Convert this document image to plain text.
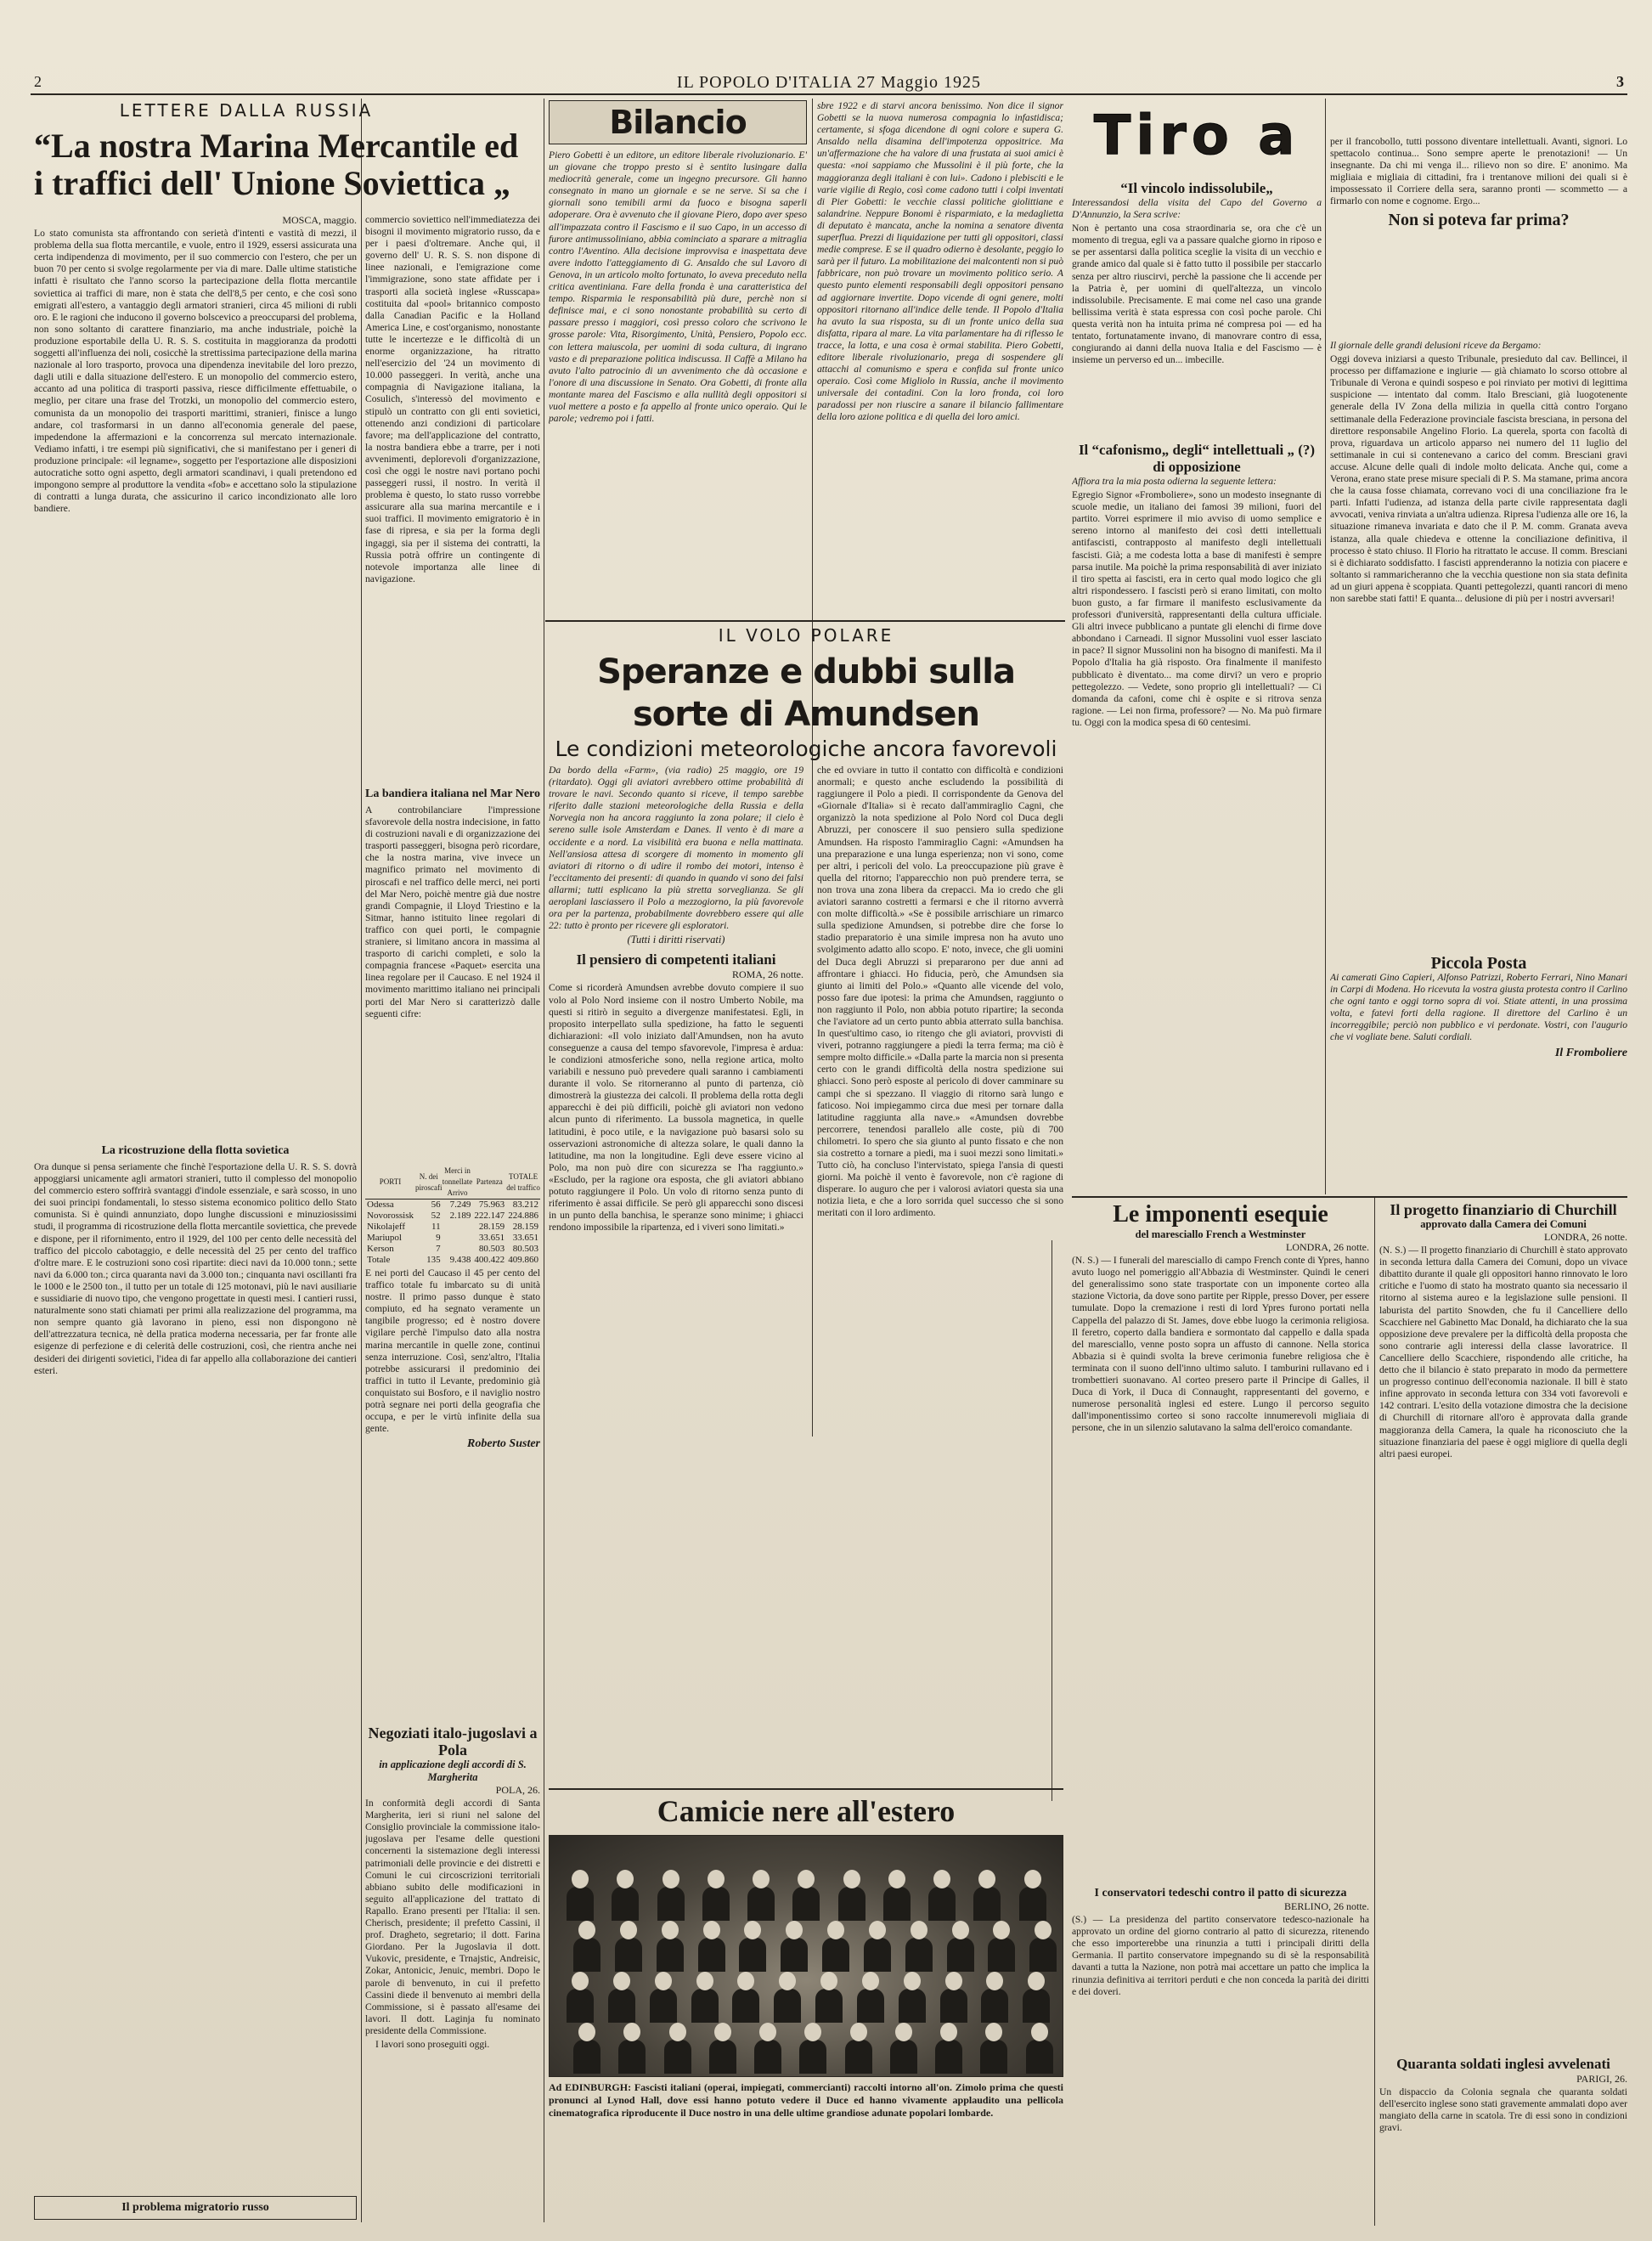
2	IL POPOLO D'ITALIA 27 Maggio 1925	3
LETTERE DALLA RUSSIA
“La nostra Marina Mercantile ed
i traffici dell' Unione Soviettica „
MOSCA, maggio.

Lo stato comunista sta affrontando con serietà d'intenti e vastità di mezzi, il problema della sua flotta mercantile, e vuole, entro il 1929, essersi assicurata una certa indipendenza di movimento, per il suo commercio con l'estero, che per un buon 70 per cento si svolge regolarmente per via di mare. Dalle ultime statistiche infatti è risultato che l'anno scorso la partecipazione della flotta mercantile soviettica ai traffici di mare, non è stata che dell'8,5 per cento, e che così sono emigrati all'estero, a vantaggio degli armatori stranieri, circa 45 milioni di rubli oro. E le ragioni che inducono il governo bolscevico a preoccuparsi del problema, non sono soltanto di carattere finanziario, ma anche industriale, poichè la produzione esportabile della U. R. S. S. costituita in maggioranza da prodotti soggetti all'influenza dei noli, cosicchè la strettissima partecipazione della marina nazionale al loro trasporto, provoca una dipendenza inevitabile del loro prezzo, dagli utili e dalla situazione dell'estero. E un monopolio del commercio estero, accanto ad una politica di trasporti passiva, riesce difficilmente effettuabile, o meglio, per citare una frase del Trotzki, un monopolio del commercio estero, comunista da un monopolio dei trasporti marittimi, stranieri, finisce a lungo andare, col trasformarsi in un danno all'economia generale del paese, impedendone la affermazioni e la concorrenza sul mercato internazionale. Vediamo infatti, i tre esempi più significativi, che si manifestano per i generi di produzione principale: «il legname», soggetto per l'esportazione alle disposizioni autocratiche sotto ogni aspetto, degli armatori scandinavi, i quali pretendono ed impongono sempre al produttore la vendita «fob» e accettano solo la stipulazione di contratti a lunga durata, che assicurino il carico incondizionato alle loro bandiere.

La ricostruzione della flotta sovietica

Ora dunque si pensa seriamente che finchè l'esportazione della U. R. S. S. dovrà appoggiarsi unicamente agli armatori stranieri, tutto il complesso del monopolio del commercio estero soffrirà svantaggi d'indole essenziale, e sarà scosso, in uno dei suoi principi fondamentali, lo stesso sistema economico politico dello Stato comunista. Si è quindi annunziato, dopo lunghe discussioni e minuziosissimi studi, il programma di ricostruzione della flotta mercantile soviettica, che prevede e dispone, per il rifornimento, entro il 1929, del 100 per cento delle necessità del traffico del piccolo cabotaggio, e delle necessità del 25 per cento del traffico d'oltre mare. E le costruzioni sono così ripartite: dieci navi da 10.000 tonn.; sette navi da 6.000 ton.; circa quaranta navi da 3.000 ton.; cinquanta navi oscillanti fra le 1000 e le 2500 ton., il tutto per un totale di 125 motonavi, più le navi ausiliarie e sussidiarie di nuovo tipo, che vengono progettate in questi mesi. I cantieri russi, naturalmente sono stati chiamati per primi alla realizzazione del programma, ma non sempre quanto già lavorano in pieno, essi non dispongono nè dell'attrezzatura tecnica, nè della pratica moderna necessaria, per far fronte alle esigenze di perfezione e di celerità delle costruzioni, così, che rientra anche nei desideri dei dirigenti sovietici, l'idea di far appello alla collaborazione dei cantieri esteri.

Il problema migratorio russo

commercio soviettico nell'immediatezza dei bisogni il movimento migratorio russo, da e per i paesi d'oltremare. Anche qui, il governo dell' U. R. S. S. non dispone di linee nazionali, e l'emigrazione come l'immigrazione, sono state affidate per i trasporti alla società inglese «Russcapa» costituita dal «pool» britannico composto dalla Canadian Pacific e la Holland America Line, e cost'organismo, nonostante tutte le incertezze e le difficoltà di un enorme organizzazione, ha ritratto nell'esercizio del '24 un movimento di 10.000 passeggeri. In verità, anche una compagnia di Navigazione italiana, la Cosulich, s'interessò del movimento e stipulò un contratto con gli enti sovietici, ottenendo anzi condizioni di particolare favore; ma dell'applicazione del contratto, la nostra bandiera ebbe a trarre, per i noti avvenimenti, deplorevoli d'organizzazione, così che oggi le nostre navi portano pochi passeggeri russi, il nostro. In verità il problema è questo, lo stato russo vorrebbe assicurare alla sua marina mercantile e i suoi traffici. Il movimento emigratorio è in fase di ripresa, e sia per la forma degli ingaggi, sia per il sistema dei contratti, la Russia potrà offrire un contingente di notevole importanza alle linee di navigazione.

La bandiera italiana nel Mar Nero

A controbilanciare l'impressione sfavorevole della nostra indecisione, in fatto di costruzioni navali e di organizzazione dei trasporti passeggeri, bisogna però ricordare, che la nostra marina, vive invece un magnifico primato nel movimento di piroscafi e nel traffico delle merci, nei porti del Mar Nero, poichè mentre già due nostre grandi Compagnie, il Lloyd Triestino e la Sitmar, hanno istituito linee regolari di traffico con quei porti, le compagnie straniere, si limitano ancora in massima al trasporto di carichi completi, e solo la compagnia francese «Paquet» esercita una linea regolare per il Caucaso. E nel 1924 il movimento marittimo italiano nei principali porti del Mar Nero si caratterizzò dalle seguenti cifre:

PORTI	N. dei piroscafi	Merci in tonnellate Arrivo	Partenza	TOTALE del traffico
Odessa	56	7.249	75.963	83.212
Novorossisk	52	2.189	222.147	224.886
Nikolajeff	11		28.159	28.159
Mariupol	9		33.651	33.651
Kerson	7		80.503	80.503
Totale	135	9.438	400.422	409.860

E nei porti del Caucaso il 45 per cento del traffico totale fu imbarcato su di unità nostre. Il primo passo dunque è stato compiuto, ed ha segnato veramente un tangibile progresso; ed è nostro dovere vigilare perchè l'impulso dato alla nostra marina mercantile in quelle zone, continui senza interruzione. Così, senz'altro, l'Italia potrebbe assicurarsi il predominio dei traffici in tutto il Levante, predominio già conquistato sui Bosforo, e il naviglio nostro potrà segnare nei porti della geografia che occupa, e per le virtù infinite della sua gente.

Roberto Suster
Negoziati italo-jugoslavi a Pola
in applicazione degli accordi di S. Margherita
POLA, 26.

In conformità degli accordi di Santa Margherita, ieri si riuni nel salone del Consiglio provinciale la commissione italo-jugoslava per l'esame delle questioni concernenti la sistemazione degli interessi patrimoniali delle provincie e dei distretti e Comuni le cui circoscrizioni territoriali abbiano subito delle modificazioni in seguito all'applicazione del trattato di Rapallo. Erano presenti per l'Italia: il sen. Cherisch, presidente; il prefetto Cassini, il prof. Dragheto, segretario; il dott. Farina Giordano. Per la Jugoslavia il dott. Vukovic, presidente, e Trnajstic, Andreisic, Zokar, Antonicic, Jenuic, membri. Dopo le parole di benvenuto, in cui il prefetto Cassini diede il benvenuto ai membri della Commissione, si è passato all'esame dei lavori. Il dott. Laginja fu nominato presidente della Commissione.

I lavori sono proseguiti oggi.

Bilancio

Piero Gobetti è un editore, un editore liberale rivoluzionario. E' un giovane che troppo presto si è sentito lusingare dalla mediocrità generale, come un ingegno precursore. Gli hanno consegnato in mano un giornale e se ne serve. Si sa che i giornali sono temibili armi da fuoco e bisogna saperli adoperare. Ora è avvenuto che il giovane Piero, dopo aver speso all'impazzata contro il Fascismo e il suo Capo, in un accesso di furore antimussoliniano, abbia cominciato a sparare a mitraglia contro l'Aventino. Alla decisione improvvisa e inaspettata deve avere indotto l'atteggiamento di G. Ansaldo che sul Lavoro di Genova, in un articolo molto fortunato, lo aveva preceduto nella critica aventiniana. Fare della fronda è una caratteristica del tempo. Risparmia le responsabilità più dure, perchè non si definisce mai, e ci sono nonostante probabilità su certo di passare presso i maggiori, così presso coloro che scrivono le grosse parole: Vita, Risorgimento, Unità, Pensiero, Popolo ecc. con lettera maiuscola, per uomini di soda cultura, di ingrano vasto e di preparazione politica indiscussa. Il Caffè a Milano ha avuto l'alto patrocinio di un avvenimento che dà occasione e l'onore di una discussione in Senato. Ora Gobetti, di fronte alla montante marea del Fascismo e alla nullità degli oppositori si vuol mettere a posto e fa appello al fronte unico operaio. Qui le parole; vedremo poi i fatti.

sbre 1922 e di starvi ancora benissimo. Non dice il signor Gobetti se la nuova numerosa compagnia lo infastidisca; certamente, si sfoga dicendone di ogni colore e supera G. Ansaldo nella disamina dell'impotenza oppositrice. Ma un'affermazione che ha valore di una frustata ai suoi amici è questa: «noi sappiamo che Mussolini è il più forte, che la maggioranza degli italiani è con lui». Cadono i plebisciti e le varie vigilie di Regio, così come cadono tutti i colpi inventati di Pier Gobetti: le vecchie classi politiche giolittiane e salandrine. Neppure Bonomi è risparmiato, e la medaglietta di deputato è mancata, anche la nomina a senatore diventa superflua. Prezzi di liquidazione per tutti gli oppositori, classi medie comprese. E se il quadro odierno è desolante, peggio lo sarà per il futuro. La mobilitazione dei malcontenti non si può fabbricare, non può trovare un movimento politico serio. A questo punto elementi responsabili degli oppositori pensano ad aggiornare invertite. Dopo vicende di ogni genere, molti oppositori ritornano all'indice delle tende. Il Popolo d'Italia ha avuto la sua risposta, su di un fronte unico della sua disfatta, ripara al mare. La vita parlamentare ha di riflesso le tracce, la lotta, e una cosa è ormai stabilita. Piero Gobetti, editore liberale rivoluzionario, prega di sospendere gli attacchi al comunismo e spera e confida sul fronte unico operaio. Così come Migliolo in Russia, anche il movimento universale dei contadini. Con la loro fronda, coi loro paradossi per non riuscire a sanare il bilancio fallimentare della loro azione politica e di quella dei loro amici.

IL VOLO POLARE
Speranze e dubbi sulla sorte di Amundsen
Le condizioni meteorologiche ancora favorevoli

Da bordo della «Farm», (via radio) 25 maggio, ore 19 (ritardato). Oggi gli aviatori avrebbero ottime probabilità di trovare le navi. Secondo quanto si riceve, il tempo sarebbe riferito dalle stazioni meteorologiche della Russia e della Norvegia non ha ancora raggiunto la zona polare; il cielo è sereno sulle isole Amsterdam e Danes. Il vento è di mare a occidente e a nord. La visibilità era buona e nella mattinata. Nell'ansiosa attesa di scorgere di momento in momento gli aviatori di ritorno o di udire il rombo dei motori, intenso è l'eccitamento dei presenti: di quando in quando vi sono dei falsi allarmi; tutti esplicano la più stretta sorveglianza. Se gli aeroplani lasciassero il Polo a mezzogiorno, la più favorevole ora per la partenza, probabilmente dovrebbero essere qui alle 22: tutto è pronto per ricevere gli esploratori.

(Tutti i diritti riservati)
Il pensiero di competenti italiani
ROMA, 26 notte.

Come si ricorderà Amundsen avrebbe dovuto compiere il suo volo al Polo Nord insieme con il nostro Umberto Nobile, ma questi si ritirò in seguito a divergenze manifestatesi. Egli, in proposito interpellato sulla spedizione, ha fatto le seguenti dichiarazioni: «Il volo iniziato dall'Amundsen, non ha avuto conseguenze a causa del tempo sfavorevole, l'impresa è ardua: le condizioni atmosferiche sono, nella regione artica, molto variabili e nessuno può prevedere quali saranno i cambiamenti durante il volo. Se ritorneranno al punto di partenza, ciò dimostrerà la giustezza dei calcoli. Il problema della rotta degli apparecchi è dei più difficili, poichè gli aviatori non vedono alcun punto di riferimento. La bussola magnetica, in quelle latitudini, è poco utile, e la navigazione può basarsi solo su osservazioni astronomiche di altezza solare, le quali danno la latitudine, ma non la longitudine. Egli deve essere vicino al Polo, ma non può dire con sicurezza se l'ha raggiunto.» «Escludo, per la ragione ora esposta, che gli aviatori abbiano potuto raggiungere il Polo. Un volo di ritorno senza punto di riferimento è assai difficile. Se però gli apparecchi sono discesi in un punto della banchisa, le speranze sono minime; i ghiacci rendono impossibile la ripartenza, ed i viveri sono limitati.»

che ed ovviare in tutto il contatto con difficoltà e condizioni anormali; e questo anche escludendo la possibilità di raggiungere il Polo a piedi. Il corrispondente da Genova del «Giornale d'Italia» si è recato dall'ammiraglio Cagni, che organizzò la nota spedizione al Polo Nord col Duca degli Abruzzi, per conoscere il suo pensiero sulla spedizione Amundsen. Ha risposto l'ammiraglio Cagni: «Amundsen ha una preparazione e una lunga esperienza; non vi sono, come per altri, i pericoli del volo. La preoccupazione più grave è quella del ritorno; l'apparecchio non può prendere terra, se non trova una zona libera da crepacci. Ma io credo che gli aviatori saranno costretti a fermarsi e che il ritorno avverrà con molte difficoltà.» «Se è possibile arrischiare un rimarco sulla spedizione Amundsen, si potrebbe dire che forse lo stadio preparatorio è una simile impresa non ha avuto uno svolgimento adatto allo scopo. E' noto, invece, che gli uomini del Duca degli Abruzzi si prepararono per due anni ad affrontare i ghiacci. Ho fiducia, però, che Amundsen sia giunto ai limiti del Polo.» «Quanto alle vicende del volo, posso fare due ipotesi: la prima che Amundsen, raggiunto o non raggiunto il Polo, non abbia potuto ripartire; la seconda che l'aviatore ad un certo punto abbia atterrato sulla banchisa. In quest'ultimo caso, io ritengo che gli aviatori, provvisti di viveri, potranno raggiungere a piedi la terra ferma; ma ciò è sempre molto difficile.» «Dalla parte la marcia non si presenta certo con le grandi difficoltà della nostra spedizione sui ghiacci. Sono però esposte al pericolo di dover camminare su campi che si spezzano. Il viaggio di ritorno sarà lungo e faticoso. Noi impiegammo circa due mesi per tornare dalla latitudine raggiunta alla nave.» «Amundsen dovrebbe percorrere, tenendosi parallelo alle coste, più di 700 chilometri. Io spero che sia giunto al punto fissato e che non sia costretto a tornare a piedi, ma i suoi mezzi sono limitati.» Tutto ciò, ha concluso l'intervistato, spiega l'ansia di questi giorni. Ma poichè il vento è favorevole, non c'è ragione di disperare. Io auguro che per i valorosi aviatori questa sia una notizia lieta, e che a loro sorrida quel successo che si sono meritati con il loro ardimento.

Camicie nere all'estero
Ad EDINBURGH: Fascisti italiani (operai, impiegati, commercianti) raccolti intorno all'on. Zimolo prima che questi pronunci al Lynod Hall, dove essi hanno potuto vedere il Duce ed hanno vivamente applaudito una pellicola cinematografica riproducente il Duce nostro in una delle ultime grandiose adunate popolari lombarde.
Tiro a
“Il vincolo indissolubile„

Interessandosi della visita del Capo del Governo a D'Annunzio, la Sera scrive:

Non è pertanto una cosa straordinaria se, ora che c'è un momento di tregua, egli va a passare qualche giorno in riposo e se per assentarsi dalla politica sceglie la visita di un vecchio e grande amico dal quale si è fatto tutto il possibile per staccarlo senza per altro riuscirvi, perchè la passione che li accende per la Patria è, per uomini di quell'altezza, un vincolo indissolubile. Precisamente. E mai come nel caso una grande bellissima verità è stata espressa con così poche parole. Chi questa verità non ha intuita prima né compresa poi — ed ha tentato, fortunatamente invano, di manovrare contro di essa, congiurando ai danni della nuova Italia e del Fascismo — è insieme un perverso ed un... imbecille.

Il “cafonismo„ degli“ intellettuali „ (?) di opposizione

Affiora tra la mia posta odierna la seguente lettera:

Egregio Signor «Fromboliere», sono un modesto insegnante di scuole medie, un italiano dei famosi 39 milioni, fuori del partito. Vorrei esprimere il mio avviso di uomo semplice e sereno intorno al manifesto dei così detti intellettuali antifascisti, contrapposto al manifesto degli intellettuali fascisti. Già; a me codesta lotta a base di manifesti è sempre parsa inutile. Ma poichè la prima responsabilità di aver iniziato il tiro spetta ai fascisti, era in certo qual modo logico che gli altri rispondessero. I fascisti però si erano limitati, con molto buon gusto, a far firmare il manifesto esclusivamente da professori d'università, rappresentanti della cultura ufficiale. Gli altri invece pubblicano a puntate gli elenchi di firme dove abbondano i Carneadi. Il signor Mussolini vuol esser lasciato in pace? Il signor Mussolini non ha bisogno di manifesti. Ma il Popolo d'Italia ha già risposto. Ora finalmente il manifesto pubblicato è diventato... ma come dirvi? un vero e proprio pettegolezzo. — Vedete, sono proprio gli intellettuali? — Ci domanda da cafoni, come chi è ospite e si ritrova senza ragione. — Lei non firma, professore? — No. Ma può firmare tu. Oggi con la modica spesa di 60 centesimi.

per il francobollo, tutti possono diventare intellettuali. Avanti, signori. Lo spettacolo continua... Sono sempre aperte le prenotazioni! — Un insegnante. Da chi mi venga il... rilievo non so dire. E' anonimo. Ma migliaia e migliaia di cittadini, fra i trentanove milioni dei quali si è impossessato il Corriere della sera, saranno pronti — scommetto — a firmarlo con nome e cognome. Ergo...

Non si poteva far prima?

Il giornale delle grandi delusioni riceve da Bergamo:

Oggi doveva iniziarsi a questo Tribunale, presieduto dal cav. Bellincei, il processo per diffamazione e ingiurie — già chiamato lo scorso ottobre al Tribunale di Verona e quindi sospeso e poi rinviato per motivi di legittima suspicione — intentato dal comm. Italo Bresciani, già luogotenente generale della IV Zona della milizia in quella città contro l'organo settimanale della Federazione provinciale fascista bresciana, in persona del direttore responsabile Angelino Florio. La querela, sporta con facoltà di prova, riguardava un articolo apparso nei numero del 11 luglio del settimanale in cui si contenevano a carico del comm. Bresciani gravi accuse. Alcune delle quali di indole molto delicata. Anche qui, come a Verona, erano state prese misure speciali di P. S. Ma stamane, prima ancora che la causa fosse chiamata, correvano voci di una conciliazione fra le parti. Infatti l'udienza, ad istanza della parte civile rappresentata dagli avvocati, veniva rinviata a un'altra udienza. Ripresa l'udienza alle ore 16, la situazione rimaneva invariata e dato che il P. M. comm. Granata aveva istanza, alla quale chiedeva e ottenne la conciliazione definitiva, il processo è stato chiuso. Il Florio ha ritrattato le accuse. Il comm. Bresciani si è dichiarato soddisfatto. I fascisti apprenderanno la notizia con piacere e soltanto si rammaricheranno che la vecchia questione non sia stata definita ad un giuri appena è scoppiata. Quanti pettegolezzi, quanti rancori di meno non sarebbe stati fatti! E quanta... delusione di più per i nostri avversari!

Piccola Posta

Ai camerati Gino Capieri, Alfonso Patrizzi, Roberto Ferrari, Nino Manari in Carpi di Modena. Ho ricevuta la vostra giusta protesta contro il Carlino che ogni tanto e oggi torno sopra di voi. Stiate attenti, in una prossima volta, e fatevi forti della ragione. Il direttore del Carlino è un incorreggibile; perciò non pubblico e vi perdonate. Vostri, con l'augurio che vi vogliate bene. Saluti cordiali.

Il Fromboliere
Le imponenti esequie
del maresciallo French a Westminster
LONDRA, 26 notte.

(N. S.) — I funerali del maresciallo di campo French conte di Ypres, hanno avuto luogo nel pomeriggio all'Abbazia di Westminster. Quindi le ceneri del generalissimo sono state trasportate con un imponente corteo alla stazione Victoria, da dove sono partite per Ripple, presso Dover, per essere tumulate. Dopo la cremazione i resti di lord Ypres furono portati nella Cappella del palazzo di St. James, dove ebbe luogo la cerimonia religiosa. Il feretro, coperto dalla bandiera e sormontato dal cappello e dalla spada del maresciallo, venne posto sopra un affusto di cannone. Nella storica Abbazia si è quindi svolta la breve cerimonia funebre religiosa che è terminata con il suono dell'inno ultimo saluto. I tamburini rullavano ed i trombettieri suonavano. Al corteo presero parte il Principe di Galles, il Duca di York, il Duca di Connaught, rappresentanti del governo, e numerose personalità inglesi ed estere. Lungo il percorso seguito dall'imponentissimo corteo si sono raccolte innumerevoli migliaia di persone, che in un silenzio salutavano la salma dell'eroico comandante.

I conservatori tedeschi contro il patto di sicurezza
BERLINO, 26 notte.

(S.) — La presidenza del partito conservatore tedesco-nazionale ha approvato un ordine del giorno contrario al patto di sicurezza, ritenendo che esso importerebbe una rinunzia a tutti i principali diritti della Germania. Il partito conservatore impegnando su di sè la responsabilità davanti a tutta la Nazione, non potrà mai accettare un patto che implica la rinunzia definitiva ai territori perduti e che non conceda la parità dei diritti e dei doveri.

Il progetto finanziario di Churchill
approvato dalla Camera dei Comuni
LONDRA, 26 notte.

(N. S.) — Il progetto finanziario di Churchill è stato approvato in seconda lettura dalla Camera dei Comuni, dopo un vivace dibattito durante il quale gli oppositori hanno rinnovato le loro critiche e l'uomo di stato ha mostrato quanto sia necessario il ritorno al sistema aureo e la legislazione sulle pensioni. Il laburista del partito Snowden, che fu il Cancelliere dello Scacchiere nel Gabinetto Mac Donald, ha dichiarato che la sua opposizione deve prevalere per la difficoltà della proposta che sono contrarie agli interessi della classe lavoratrice. Il Cancelliere dello Scacchiere, rispondendo alle critiche, ha detto che il bilancio è stato preparato in modo da permettere un progresso continuo dell'economia nazionale. Il bill è stato infine approvato in seconda lettura con 334 voti favorevoli e 142 contrari. L'esito della votazione dimostra che la decisione di Churchill di ritornare all'oro è approvata dalla grande maggioranza della Camera, la quale ha riconosciuto che la situazione finanziaria del paese è oggi migliore di quella degli altri paesi europei.

Quaranta soldati inglesi avvelenati
PARIGI, 26.

Un dispaccio da Colonia segnala che quaranta soldati dell'esercito inglese sono stati gravemente ammalati dopo aver mangiato della carne in scatola. Tre di essi sono in condizioni gravi.
